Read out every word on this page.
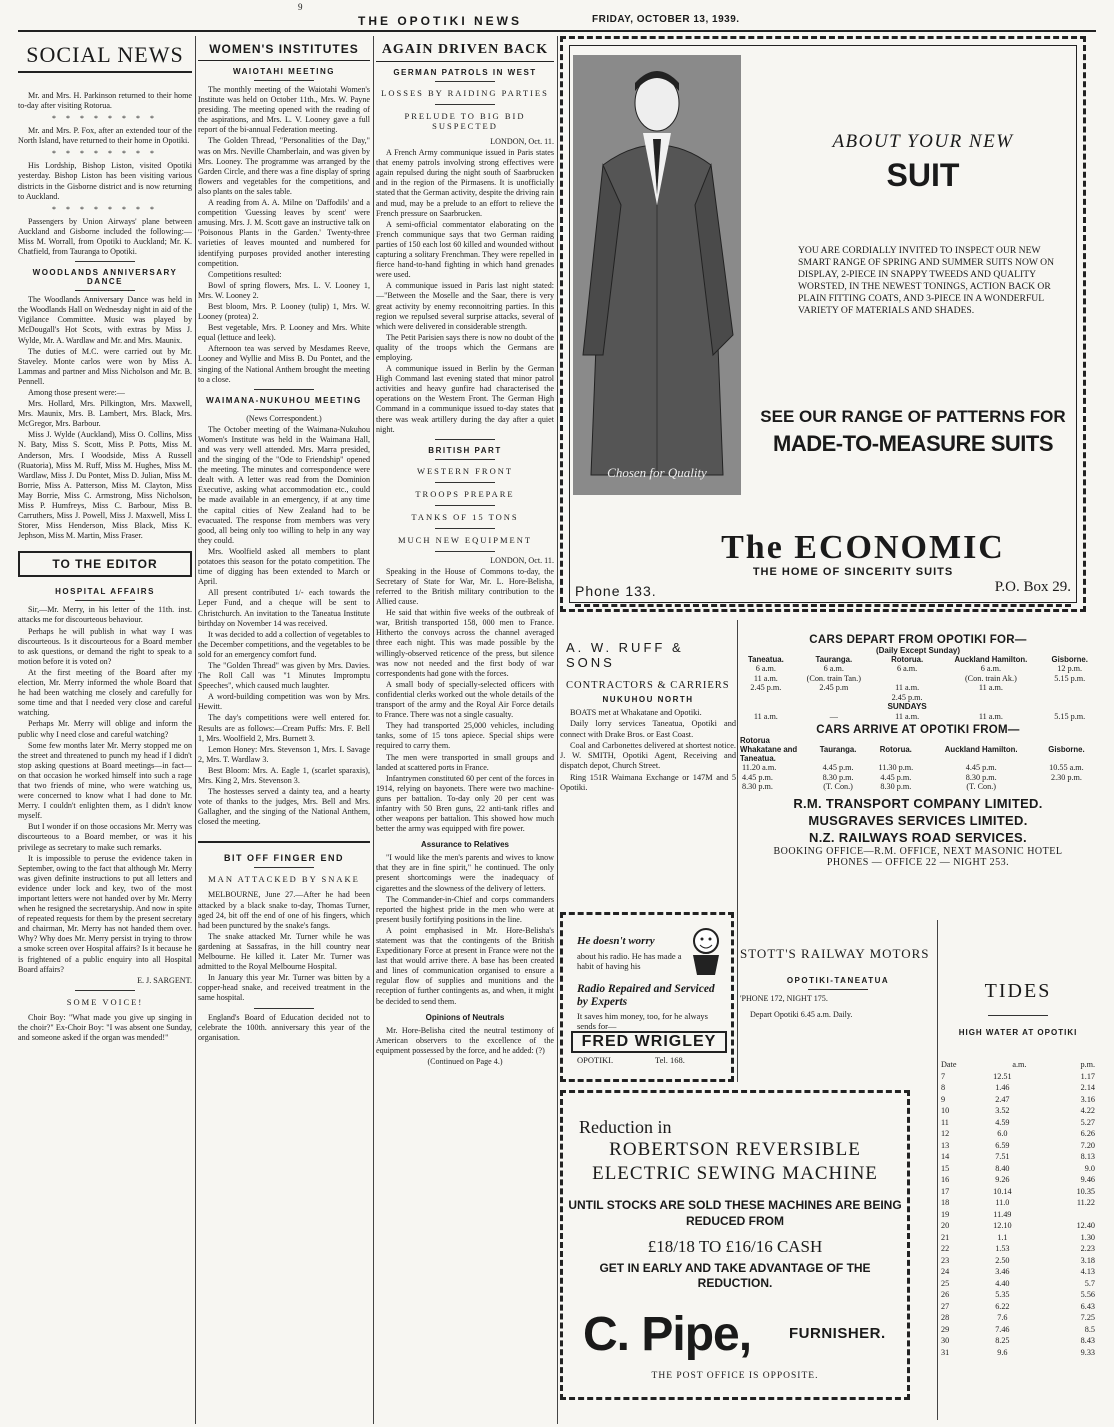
9
THE OPOTIKI NEWS	FRIDAY, OCTOBER 13, 1939.
SOCIAL NEWS

Mr. and Mrs. H. Parkinson returned to their home to-day after visiting Rotorua.

* * * * * * * *

Mr. and Mrs. P. Fox, after an extended tour of the North Island, have returned to their home in Opotiki.

* * * * * * * *

His Lordship, Bishop Liston, visited Opotiki yesterday. Bishop Liston has been visiting various districts in the Gisborne district and is now returning to Auckland.

* * * * * * * *

Passengers by Union Airways' plane between Auckland and Gisborne included the following:—Miss M. Worrall, from Opotiki to Auckland; Mr. K. Chatfield, from Tauranga to Opotiki.

WOODLANDS ANNIVERSARY DANCE

The Woodlands Anniversary Dance was held in the Woodlands Hall on Wednesday night in aid of the Vigilance Committee. Music was played by McDougall's Hot Scots, with extras by Miss J. Wylde, Mr. A. Wardlaw and Mr. and Mrs. Maunix.

The duties of M.C. were carried out by Mr. Staveley. Monte carlos were won by Miss A. Lammas and partner and Miss Nicholson and Mr. B. Pennell.

Among those present were:—

Mrs. Hollard, Mrs. Pilkington, Mrs. Maxwell, Mrs. Maunix, Mrs. B. Lambert, Mrs. Black, Mrs. McGregor, Mrs. Barbour.

Miss J. Wylde (Auckland), Miss O. Collins, Miss N. Baty, Miss S. Scott, Miss P. Potts, Miss M. Anderson, Mrs. I Woodside, Miss A Russell (Ruatoria), Miss M. Ruff, Miss M. Hughes, Miss M. Wardlaw, Miss J. Du Pontet, Miss D. Julian, Miss M. Borrie, Miss A. Patterson, Miss M. Clayton, Miss May Borrie, Miss C. Armstrong, Miss Nicholson, Miss P. Humfreys, Miss C. Barbour, Miss B. Carruthers, Miss J. Powell, Miss J. Maxwell, Miss I. Storer, Miss Henderson, Miss Black, Miss K. Jephson, Miss M. Martin, Miss Fraser.

TO THE EDITOR
HOSPITAL AFFAIRS

Sir,—Mr. Merry, in his letter of the 11th. inst. attacks me for discourteous behaviour.

Perhaps he will publish in what way I was discourteous. Is it discourteous for a Board member to ask questions, or demand the right to speak to a motion before it is voted on?

At the first meeting of the Board after my election, Mr. Merry informed the whole Board that he had been watching me closely and carefully for some time and that I needed very close and careful watching.

Perhaps Mr. Merry will oblige and inform the public why I need close and careful watching?

Some few months later Mr. Merry stopped me on the street and threatened to punch my head if I didn't stop asking questions at Board meetings—in fact—on that occasion he worked himself into such a rage that two friends of mine, who were watching us, were concerned to know what I had done to Mr. Merry. I couldn't enlighten them, as I didn't know myself.

But I wonder if on those occasions Mr. Merry was discourteous to a Board member, or was it his privilege as secretary to make such remarks.

It is impossible to peruse the evidence taken in September, owing to the fact that although Mr. Merry was given definite instructions to put all letters and evidence under lock and key, two of the most important letters were not handed over by Mr. Merry when he resigned the secretaryship. And now in spite of repeated requests for them by the present secretary and chairman, Mr. Merry has not handed them over. Why? Why does Mr. Merry persist in trying to throw a smoke screen over Hospital affairs? Is it because he is frightened of a public enquiry into all Hospital Board affairs?

E. J. SARGENT.

SOME VOICE!

Choir Boy: "What made you give up singing in the choir?" Ex-Choir Boy: "I was absent one Sunday, and someone asked if the organ was mended!"

WOMEN'S INSTITUTES
WAIOTAHI MEETING

The monthly meeting of the Waiotahi Women's Institute was held on October 11th., Mrs. W. Payne presiding. The meeting opened with the reading of the aspirations, and Mrs. L. V. Looney gave a full report of the bi-annual Federation meeting.

The Golden Thread, "Personalities of the Day," was on Mrs. Neville Chamberlain, and was given by Mrs. Looney. The programme was arranged by the Garden Circle, and there was a fine display of spring flowers and vegetables for the competitions, and also plants on the sales table.

A reading from A. A. Milne on 'Daffodils' and a competition 'Guessing leaves by scent' were amusing. Mrs. J. M. Scott gave an instructive talk on 'Poisonous Plants in the Garden.' Twenty-three varieties of leaves mounted and numbered for identifying purposes provided another interesting competition.

Competitions resulted:

Bowl of spring flowers, Mrs. L. V. Looney 1, Mrs. W. Looney 2.

Best bloom, Mrs. P. Looney (tulip) 1, Mrs. W. Looney (protea) 2.

Best vegetable, Mrs. P. Looney and Mrs. White equal (lettuce and leek).

Afternoon tea was served by Mesdames Reeve, Looney and Wyllie and Miss B. Du Pontet, and the singing of the National Anthem brought the meeting to a close.

WAIMANA-NUKUHOU MEETING

(News Correspondent.)

The October meeting of the Waimana-Nukuhou Women's Institute was held in the Waimana Hall, and was very well attended. Mrs. Marra presided, and the singing of the "Ode to Friendship" opened the meeting. The minutes and correspondence were dealt with. A letter was read from the Dominion Executive, asking what accommodation etc., could be made available in an emergency, if at any time the capital cities of New Zealand had to be evacuated. The response from members was very good, all being only too willing to help in any way they could.

Mrs. Woolfield asked all members to plant potatoes this season for the potato competition. The time of digging has been extended to March or April.

All present contributed 1/- each towards the Leper Fund, and a cheque will be sent to Christchurch. An invitation to the Taneatua Institute birthday on November 14 was received.

It was decided to add a collection of vegetables to the December competitions, and the vegetables to be sold for an emergency comfort fund.

The "Golden Thread" was given by Mrs. Davies. The Roll Call was "1 Minutes Impromptu Speeches", which caused much laughter.

A word-building competition was won by Mrs. Hewitt.

The day's competitions were well entered for. Results are as follows:—Cream Puffs: Mrs. F. Bell 1, Mrs. Woolfield 2, Mrs. Burnett 3.

Lemon Honey: Mrs. Stevenson 1, Mrs. I. Savage 2, Mrs. T. Wardlaw 3.

Best Bloom: Mrs. A. Eagle 1, (scarlet sparaxis), Mrs. King 2, Mrs. Stevenson 3.

The hostesses served a dainty tea, and a hearty vote of thanks to the judges, Mrs. Bell and Mrs. Gallagher, and the singing of the National Anthem, closed the meeting.

BIT OFF FINGER END
MAN ATTACKED BY SNAKE

MELBOURNE, June 27.—After he had been attacked by a black snake to-day, Thomas Turner, aged 24, bit off the end of one of his fingers, which had been punctured by the snake's fangs.

The snake attacked Mr. Turner while he was gardening at Sassafras, in the hill country near Melbourne. He killed it. Later Mr. Turner was admitted to the Royal Melbourne Hospital.

In January this year Mr. Turner was bitten by a copper-head snake, and received treatment in the same hospital.

England's Board of Education decided not to celebrate the 100th. anniversary this year of the organisation.

AGAIN DRIVEN BACK
GERMAN PATROLS IN WEST
LOSSES BY RAIDING PARTIES
PRELUDE TO BIG BID SUSPECTED

LONDON, Oct. 11.

A French Army communique issued in Paris states that enemy patrols involving strong effectives were again repulsed during the night south of Saarbrucken and in the region of the Pirmasens. It is unofficially stated that the German activity, despite the driving rain and mud, may be a prelude to an effort to relieve the French pressure on Saarbrucken.

A semi-official commentator elaborating on the French communique says that two German raiding parties of 150 each lost 60 killed and wounded without capturing a solitary Frenchman. They were repelled in fierce hand-to-hand fighting in which hand grenades were used.

A communique issued in Paris last night stated:—"Between the Moselle and the Saar, there is very great activity by enemy reconnoitring parties. In this region we repulsed several surprise attacks, several of which were delivered in considerable strength.

The Petit Parisien says there is now no doubt of the quality of the troops which the Germans are employing.

A communique issued in Berlin by the German High Command last evening stated that minor patrol activities and heavy gunfire had characterised the operations on the Western Front. The German High Command in a communique issued to-day states that there was weak artillery during the day after a quiet night.

BRITISH PART
WESTERN FRONT
TROOPS PREPARE
TANKS OF 15 TONS
MUCH NEW EQUIPMENT

LONDON, Oct. 11.

Speaking in the House of Commons to-day, the Secretary of State for War, Mr. L. Hore-Belisha, referred to the British military contribution to the Allied cause.

He said that within five weeks of the outbreak of war, British transported 158, 000 men to France. Hitherto the convoys across the channel averaged three each night. This was made possible by the willingly-observed reticence of the press, but silence was now not needed and the first body of war correspondents had gone with the forces.

A small body of specially-selected officers with confidential clerks worked out the whole details of the transport of the army and the Royal Air Force details to France. There was not a single casualty.

They had transported 25,000 vehicles, including tanks, some of 15 tons apiece. Special ships were required to carry them.

The men were transported in small groups and landed at scattered ports in France.

Infantrymen constituted 60 per cent of the forces in 1914, relying on bayonets. There were two machine-guns per battalion. To-day only 20 per cent was infantry with 50 Bren guns, 22 anti-tank rifles and other weapons per battalion. This showed how much better the army was equipped with fire power.

Assurance to Relatives

"I would like the men's parents and wives to know that they are in fine spirit," he continued. The only present shortcomings were the inadequacy of cigarettes and the slowness of the delivery of letters.

The Commander-in-Chief and corps commanders reported the highest pride in the men who were at present busily fortifying positions in the line.

A point emphasised in Mr. Hore-Belisha's statement was that the contingents of the British Expeditionary Force at present in France were not the last that would arrive there. A base has been created and lines of communication organised to ensure a regular flow of supplies and munitions and the reception of further contingents as, and when, it might be decided to send them.

Opinions of Neutrals

Mr. Hore-Belisha cited the neutral testimony of American observers to the excellence of the equipment possessed by the force, and he added: (?)

(Continued on Page 4.)

Chosen for Quality
ABOUT YOUR NEW
SUIT
YOU ARE CORDIALLY INVITED TO INSPECT OUR NEW SMART RANGE OF SPRING AND SUMMER SUITS NOW ON DISPLAY, 2-PIECE IN SNAPPY TWEEDS AND QUALITY WORSTED, IN THE NEWEST TONINGS, ACTION BACK OR PLAIN FITTING COATS, AND 3-PIECE IN A WONDERFUL VARIETY OF MATERIALS AND SHADES.
SEE OUR RANGE OF PATTERNS FOR
MADE-TO-MEASURE SUITS
The ECONOMIC
THE HOME OF SINCERITY SUITS
Phone 133.	P.O. Box 29.
A. W. RUFF & SONS
CONTRACTORS & CARRIERS
NUKUHOU NORTH

BOATS met at Whakatane and Opotiki.

Daily lorry services Taneatua, Opotiki and connect with Drake Bros. or East Coast.

Coal and Carbonettes delivered at shortest notice. J. W. SMITH, Opotiki Agent, Receiving and dispatch depot, Church Street.

Ring 151R Waimana Exchange or 147M and 5 Opotiki.

CARS DEPART FROM OPOTIKI FOR—
(Daily Except Sunday)
Taneatua.	Tauranga.	Rotorua.	Auckland Hamilton.	Gisborne.
6 a.m.	6 a.m.	6 a.m.	6 a.m.	12 p.m.
11 a.m.	(Con. train Tan.)		(Con. train Ak.)	5.15 p.m.
2.45 p.m.	2.45 p.m	11 a.m.	11 a.m.	
		2.45 p.m.		
		SUNDAYS		
11 a.m.	—	11 a.m.	11 a.m.	5.15 p.m.
CARS ARRIVE AT OPOTIKI FROM—
Rotorua Whakatane and Taneatua.	Tauranga.	Rotorua.	Auckland Hamilton.	Gisborne.
11.20 a.m.	4.45 p.m.	11.30 p.m.	4.45 p.m.	10.55 a.m.
4.45 p.m.	8.30 p.m.	4.45 p.m.	8.30 p.m.	2.30 p.m.
8.30 p.m.	(T. Con.)	8.30 p.m.	(T. Con.)	
R.M. TRANSPORT COMPANY LIMITED.
MUSGRAVES SERVICES LIMITED.
N.Z. RAILWAYS ROAD SERVICES.
BOOKING OFFICE—R.M. OFFICE, NEXT MASONIC HOTEL
PHONES — OFFICE 22 — NIGHT 253.
He doesn't worry
about his radio. He has made a habit of having his
Radio Repaired and Serviced by Experts
It saves him money, too, for he always sends for—
FRED WRIGLEY
OPOTIKI.	Tel. 168.
STOTT'S RAILWAY MOTORS
OPOTIKI-TANEATUA

'PHONE 172, NIGHT 175.

Depart Opotiki 6.45 a.m. Daily.

TIDES
HIGH WATER AT OPOTIKI
Date	a.m.	p.m.
7	12.51	1.17
8	1.46	2.14
9	2.47	3.16
10	3.52	4.22
11	4.59	5.27
12	6.0	6.26
13	6.59	7.20
14	7.51	8.13
15	8.40	9.0
16	9.26	9.46
17	10.14	10.35
18	11.0	11.22
19	11.49	
20	12.10	12.40
21	1.1	1.30
22	1.53	2.23
23	2.50	3.18
24	3.46	4.13
25	4.40	5.7
26	5.35	5.56
27	6.22	6.43
28	7.6	7.25
29	7.46	8.5
30	8.25	8.43
31	9.6	9.33
Reduction in
ROBERTSON REVERSIBLE
ELECTRIC SEWING MACHINE
UNTIL STOCKS ARE SOLD THESE MACHINES ARE BEING REDUCED FROM
£18/18 TO £16/16 CASH
GET IN EARLY AND TAKE ADVANTAGE OF THE REDUCTION.
C. Pipe,	FURNISHER.
THE POST OFFICE IS OPPOSITE.
